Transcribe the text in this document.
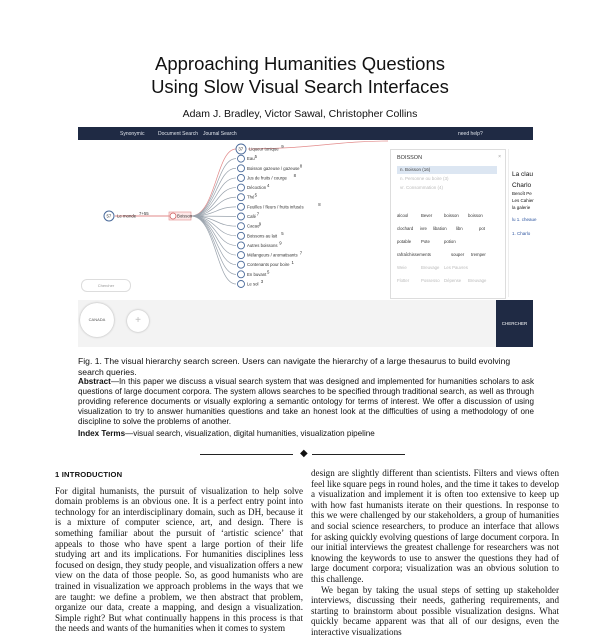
Approaching Humanities Questions
Using Slow Visual Search Interfaces
Adam J. Bradley, Victor Sawal, Christopher Collins
Synonymic	Document Search Journal Search	need help?
57 Le monde 7+55	Boisson
37 Liqueur tonique 9
Eau 5
Boisson gazeuse / gazeuse 8
Jus de fruits / courge 8
Décoction 4
Thé 5
Feuilles / fleurs / fruits infusés	8
Café 7
Cacao 9
Boissons au lait 5
Autres boissons 9
Mélangeurs / aromatisants 7
Contenants pour boire 1
En buvant 5
Le sol 3
Chercher
BOISSON	×
n. Boisson (16)
n. Personne ou boire (3)
vr. Consommation (4)
alcool	Bever	boisson boisson
clochard ivre libation libn	pot
potable Pote	potion
rafraîchissements	souper tremper
Weie	Breuvage Les Pauvres
Flotter	Possesso Dépense Breuvage
La clau
Charlo
Benoît Pe
Les Cahier
la galerie
lu 1. cheaue
1. Charlo
CANADA	+	CHERCHER
Fig. 1. The visual hierarchy search screen. Users can navigate the hierarchy of a large thesaurus to build evolving search queries.
Abstract—In this paper we discuss a visual search system that was designed and implemented for humanities scholars to ask questions of large document corpora. The system allows searches to be specified through traditional search, as well as through providing reference documents or visually exploring a semantic ontology for terms of interest. We offer a discussion of using visualization to try to answer humanities questions and take an honest look at the difficulties of using a methodology of one discipline to solve the problems of another.
Index Terms—visual search, visualization, digital humanities, visualization pipeline
◆

1 INTRODUCTION

For digital humanists, the pursuit of visualization to help solve domain problems is an obvious one. It is a perfect entry point into technology for an interdisciplinary domain, such as DH, because it is a mixture of computer science, art, and design. There is something familiar about the pursuit of ‘artistic science’ that appeals to those who have spent a large portion of their life studying art and its implications. For humanities disciplines less focused on design, they study people, and visualization offers a new view on the data of those people. So, as good humanists who are trained in visualization we approach problems in the ways that we are taught: we define a problem, we then abstract that problem, organize our data, create a mapping, and design a visualization. Simple right? But what continually happens in this process is that the needs and wants of the humanities when it comes to system

design are slightly different than scientists. Filters and views often feel like square pegs in round holes, and the time it takes to develop a visualization and implement it is often too extensive to keep up with how fast humanists iterate on their questions. In response to this we were challenged by our stakeholders, a group of humanities and social science researchers, to produce an interface that allows for asking quickly evolving questions of large document corpora. In our initial interviews the greatest challenge for researchers was not knowing the keywords to use to answer the questions they had of large document corpora; visualization was an obvious solution to this challenge.

We began by taking the usual steps of setting up stakeholder interviews, discussing their needs, gathering requirements, and starting to brainstorm about possible visualization designs. What quickly became apparent was that all of our designs, even the interactive visualizations
